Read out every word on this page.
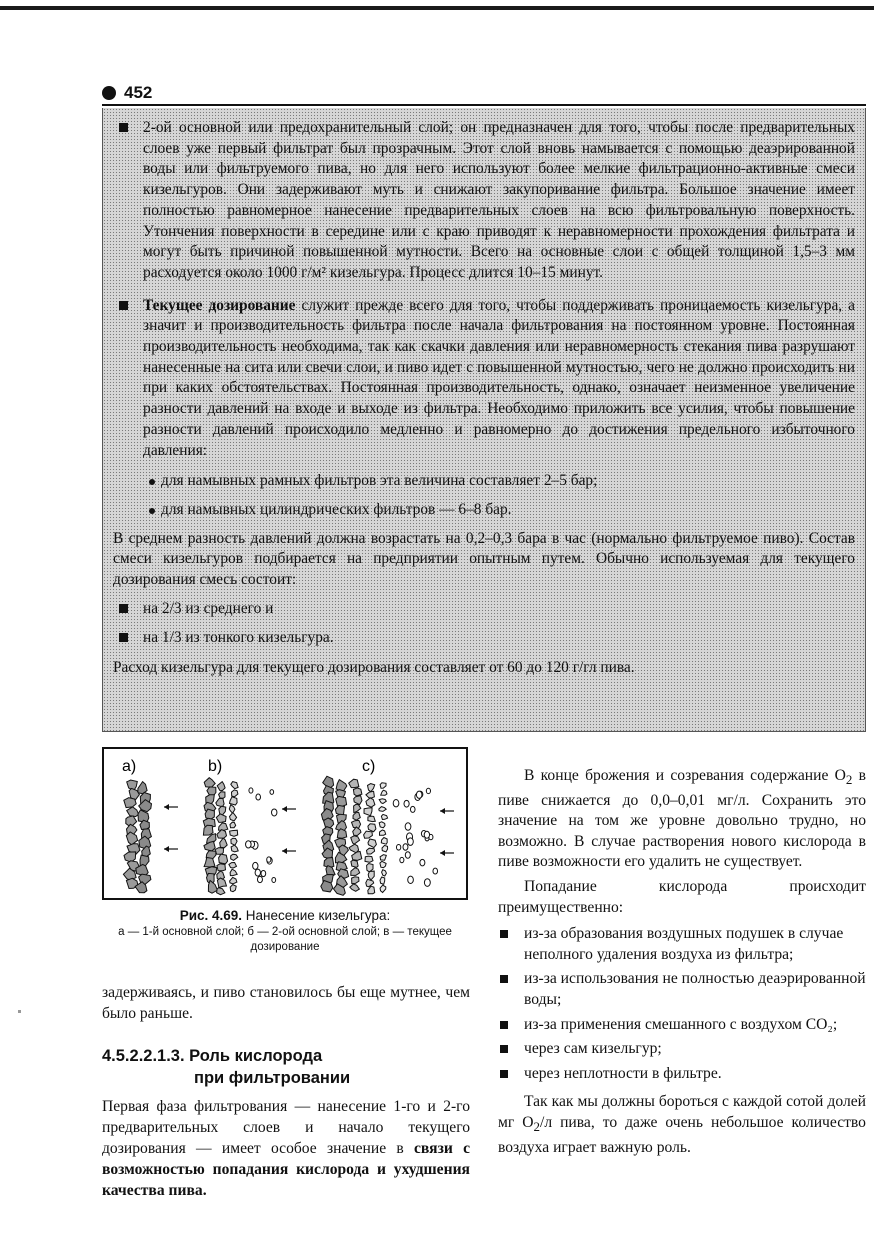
452

2-ой основной или предохранительный слой; он предназначен для того, чтобы после предварительных слоев уже первый фильтрат был прозрачным. Этот слой вновь намывается с помощью деаэрированной воды или фильтруемого пива, но для него используют более мелкие фильтрационно-активные смеси кизельгуров. Они задерживают муть и снижают закупоривание фильтра. Большое значение имеет полностью равномерное нанесение предварительных слоев на всю фильтровальную поверхность. Утончения поверхности в середине или с краю приводят к неравномерности прохождения фильтрата и могут быть причиной повышенной мутности. Всего на основные слои с общей толщиной 1,5–3 мм расходуется около 1000 г/м² кизельгура. Процесс длится 10–15 минут.

Текущее дозирование служит прежде всего для того, чтобы поддерживать проницаемость кизельгура, а значит и производительность фильтра после начала фильтрования на постоянном уровне. Постоянная производительность необходима, так как скачки давления или неравномерность стекания пива разрушают нанесенные на сита или свечи слои, и пиво идет с повышенной мутностью, чего не должно происходить ни при каких обстоятельствах. Постоянная производительность, однако, означает неизменное увеличение разности давлений на входе и выходе из фильтра. Необходимо приложить все усилия, чтобы повышение разности давлений происходило медленно и равномерно до достижения предельного избыточного давления:

для намывных рамных фильтров эта величина составляет 2–5 бар;

для намывных цилиндрических фильтров — 6–8 бар.

В среднем разность давлений должна возрастать на 0,2–0,3 бара в час (нормально фильтруемое пиво). Состав смеси кизельгуров подбирается на предприятии опытным путем. Обычно используемая для текущего дозирования смесь состоит:

на 2/3 из среднего и

на 1/3 из тонкого кизельгура.

Расход кизельгура для текущего дозирования составляет от 60 до 120 г/гл пива.

a)	b)	c)
Рис. 4.69. Нанесение кизельгура:
а — 1-й основной слой; б — 2-ой основной слой; в — текущее дозирование
задерживаясь, и пиво становилось бы еще мутнее, чем было раньше.
4.5.2.2.1.3. Роль кислорода
при фильтровании
Первая фаза фильтрования — нанесение 1-го и 2-го предварительных слоев и начало текущего дозирования — имеет особое значение в связи с возможностью попадания кислорода и ухудшения качества пива.

В конце брожения и созревания содержание $O_2$ в пиве снижается до 0,0–0,01 мг/л. Сохранить это значение на том же уровне довольно трудно, но возможно. В случае растворения нового кислорода в пиве возможности его удалить не существует.

Попадание кислорода происходит преимущественно:

из-за образования воздушных подушек в случае неполного удаления воздуха из фильтра;

из-за использования не полностью деаэрированной воды;

из-за применения смешанного с воздухом CO₂;

через сам кизельгур;

через неплотности в фильтре.

Так как мы должны бороться с каждой сотой долей мг $O_2/л$ пива, то даже очень небольшое количество воздуха играет важную роль.
